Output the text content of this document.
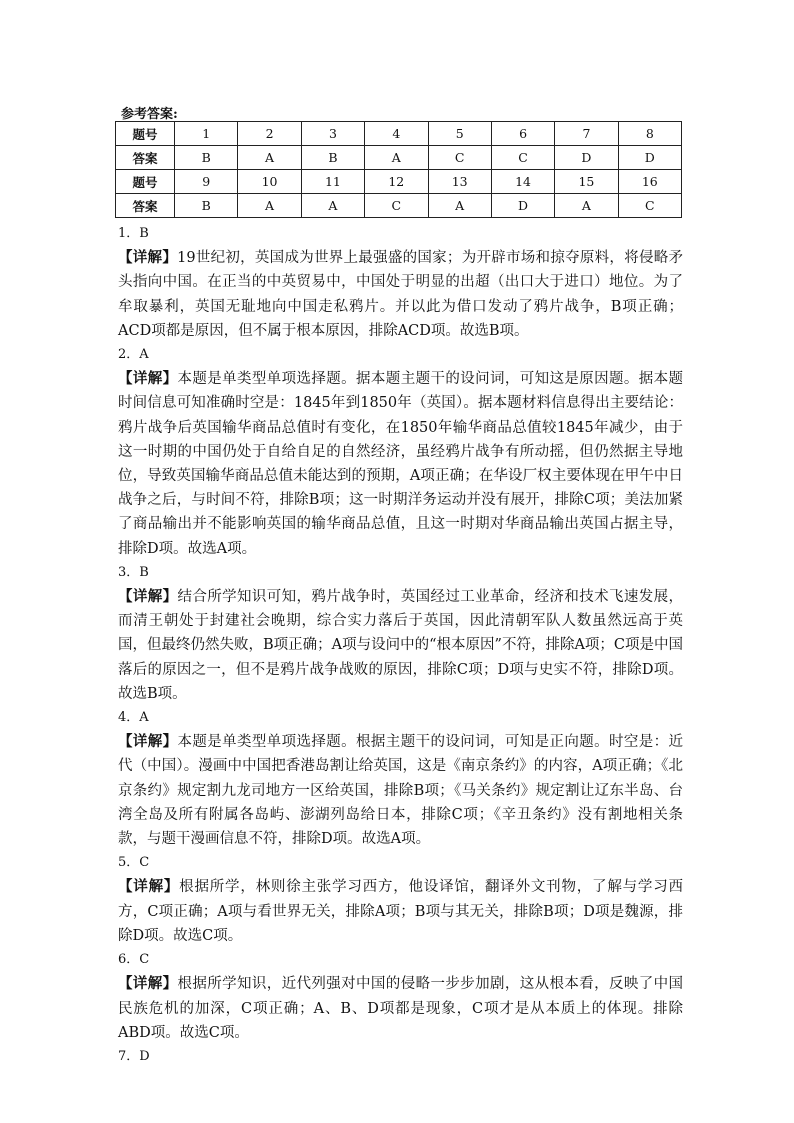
参考答案:
题号	1	2	3	4	5	6	7	8
答案	B	A	B	A	C	C	D	D
题号	9	10	11	12	13	14	15	16
答案	B	A	A	C	A	D	A	C

1．B

【详解】19世纪初，英国成为世界上最强盛的国家；为开辟市场和掠夺原料，将侵略矛头指向中国。在正当的中英贸易中，中国处于明显的出超（出口大于进口）地位。为了牟取暴利，英国无耻地向中国走私鸦片。并以此为借口发动了鸦片战争，B项正确；ACD项都是原因，但不属于根本原因，排除ACD项。故选B项。

2．A

【详解】本题是单类型单项选择题。据本题主题干的设问词，可知这是原因题。据本题时间信息可知准确时空是：1845年到1850年（英国）。据本题材料信息得出主要结论：鸦片战争后英国输华商品总值时有变化，在1850年输华商品总值较1845年减少，由于这一时期的中国仍处于自给自足的自然经济，虽经鸦片战争有所动摇，但仍然据主导地位，导致英国输华商品总值未能达到的预期，A项正确；在华设厂权主要体现在甲午中日战争之后，与时间不符，排除B项；这一时期洋务运动并没有展开，排除C项；美法加紧了商品输出并不能影响英国的输华商品总值，且这一时期对华商品输出英国占据主导，排除D项。故选A项。

3．B

【详解】结合所学知识可知，鸦片战争时，英国经过工业革命，经济和技术飞速发展，而清王朝处于封建社会晚期，综合实力落后于英国，因此清朝军队人数虽然远高于英国，但最终仍然失败，B项正确；A项与设问中的“根本原因”不符，排除A项；C项是中国落后的原因之一，但不是鸦片战争战败的原因，排除C项；D项与史实不符，排除D项。故选B项。

4．A

【详解】本题是单类型单项选择题。根据主题干的设问词，可知是正向题。时空是：近代（中国）。漫画中中国把香港岛割让给英国，这是《南京条约》的内容，A项正确；《北京条约》规定割九龙司地方一区给英国，排除B项；《马关条约》规定割让辽东半岛、台湾全岛及所有附属各岛屿、澎湖列岛给日本，排除C项；《辛丑条约》没有割地相关条款，与题干漫画信息不符，排除D项。故选A项。

5．C

【详解】根据所学，林则徐主张学习西方，他设译馆，翻译外文刊物，了解与学习西方，C项正确；A项与看世界无关，排除A项；B项与其无关，排除B项；D项是魏源，排除D项。故选C项。

6．C

【详解】根据所学知识，近代列强对中国的侵略一步步加剧，这从根本看，反映了中国民族危机的加深，C项正确；A、B、D项都是现象，C项才是从本质上的体现。排除ABD项。故选C项。

7．D
